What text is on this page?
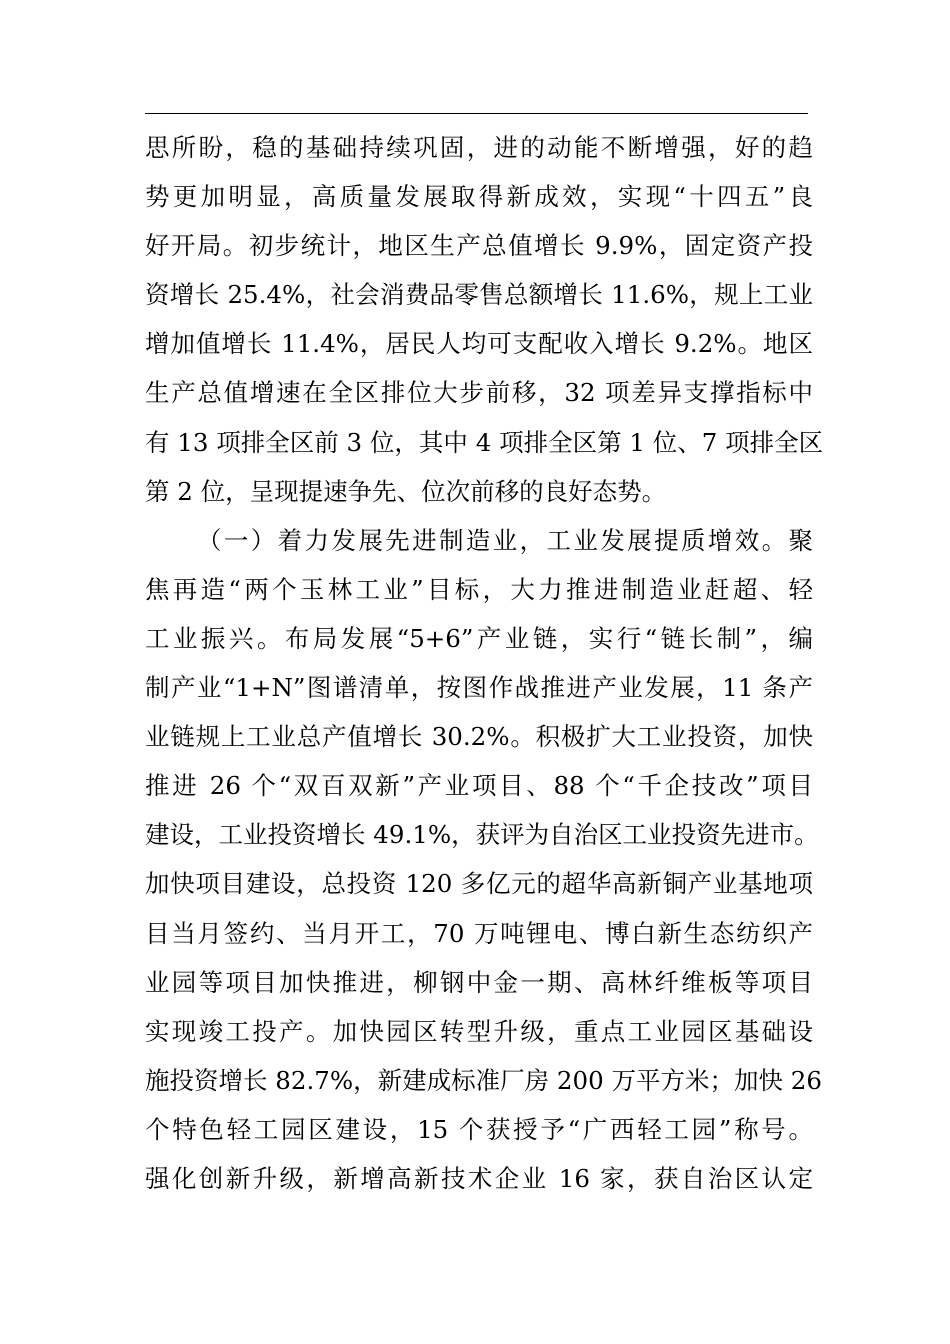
思所盼，稳的基础持续巩固，进的动能不断增强，好的趋
势更加明显，高质量发展取得新成效，实现“十四五”良
好开局。初步统计，地区生产总值增长 9.9%，固定资产投
资增长 25.4%，社会消费品零售总额增长 11.6%，规上工业
增加值增长 11.4%，居民人均可支配收入增长 9.2%。地区
生产总值增速在全区排位大步前移，32 项差异支撑指标中
有 13 项排全区前 3 位，其中 4 项排全区第 1 位、7 项排全区
第 2 位，呈现提速争先、位次前移的良好态势。
（一）着力发展先进制造业，工业发展提质增效。聚
焦再造“两个玉林工业”目标，大力推进制造业赶超、轻
工业振兴。布局发展“5+6”产业链，实行“链长制”，编
制产业“1+N”图谱清单，按图作战推进产业发展，11 条产
业链规上工业总产值增长 30.2%。积极扩大工业投资，加快
推进 26 个“双百双新”产业项目、88 个“千企技改”项目
建设，工业投资增长 49.1%，获评为自治区工业投资先进市。
加快项目建设，总投资 120 多亿元的超华高新铜产业基地项
目当月签约、当月开工，70 万吨锂电、博白新生态纺织产
业园等项目加快推进，柳钢中金一期、高林纤维板等项目
实现竣工投产。加快园区转型升级，重点工业园区基础设
施投资增长 82.7%，新建成标准厂房 200 万平方米；加快 26
个特色轻工园区建设，15 个获授予“广西轻工园”称号。
强化创新升级，新增高新技术企业 16 家，获自治区认定
